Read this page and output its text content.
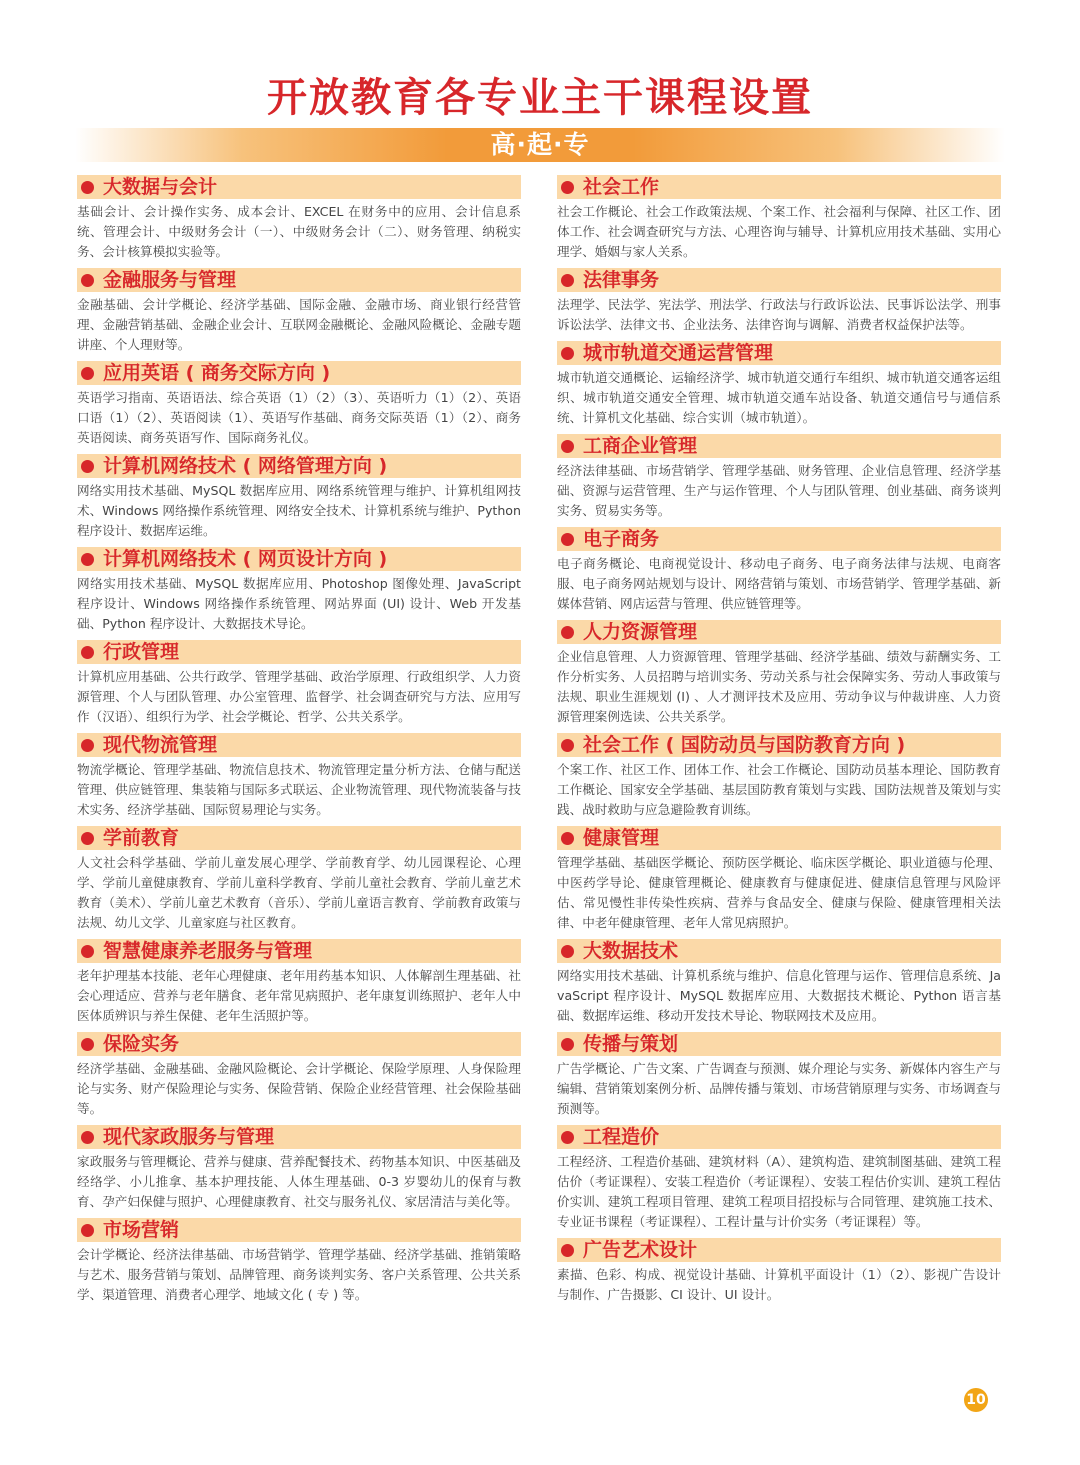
开放教育各专业主干课程设置
高·起·专
大数据与会计
基础会计、会计操作实务、成本会计、EXCEL 在财务中的应用、会计信息系统、管理会计、中级财务会计（一）、中级财务会计（二）、财务管理、纳税实务、会计核算模拟实验等。
金融服务与管理
金融基础、会计学概论、经济学基础、国际金融、金融市场、商业银行经营管理、金融营销基础、金融企业会计、互联网金融概论、金融风险概论、金融专题讲座、个人理财等。
应用英语 ( 商务交际方向 )
英语学习指南、英语语法、综合英语（1）（2）（3）、英语听力（1）（2）、英语口语（1）（2）、英语阅读（1）、英语写作基础、商务交际英语（1）（2）、商务英语阅读、商务英语写作、国际商务礼仪。
计算机网络技术 ( 网络管理方向 )
网络实用技术基础、MySQL 数据库应用、网络系统管理与维护、计算机组网技术、Windows 网络操作系统管理、网络安全技术、计算机系统与维护、Python 程序设计、数据库运维。
计算机网络技术 ( 网页设计方向 )
网络实用技术基础、MySQL 数据库应用、Photoshop 图像处理、JavaScript 程序设计、Windows 网络操作系统管理、网站界面 (UI) 设计、Web 开发基础、Python 程序设计、大数据技术导论。
行政管理
计算机应用基础、公共行政学、管理学基础、政治学原理、行政组织学、人力资源管理、个人与团队管理、办公室管理、监督学、社会调查研究与方法、应用写作（汉语）、组织行为学、社会学概论、哲学、公共关系学。
现代物流管理
物流学概论、管理学基础、物流信息技术、物流管理定量分析方法、仓储与配送管理、供应链管理、集装箱与国际多式联运、企业物流管理、现代物流装备与技术实务、经济学基础、国际贸易理论与实务。
学前教育
人文社会科学基础、学前儿童发展心理学、学前教育学、幼儿园课程论、心理学、学前儿童健康教育、学前儿童科学教育、学前儿童社会教育、学前儿童艺术教育（美术）、学前儿童艺术教育（音乐）、学前儿童语言教育、学前教育政策与法规、幼儿文学、儿童家庭与社区教育。
智慧健康养老服务与管理
老年护理基本技能、老年心理健康、老年用药基本知识、人体解剖生理基础、社会心理适应、营养与老年膳食、老年常见病照护、老年康复训练照护、老年人中医体质辨识与养生保健、老年生活照护等。
保险实务
经济学基础、金融基础、金融风险概论、会计学概论、保险学原理、人身保险理论与实务、财产保险理论与实务、保险营销、保险企业经营管理、社会保险基础等。
现代家政服务与管理
家政服务与管理概论、营养与健康、营养配餐技术、药物基本知识、中医基础及经络学、小儿推拿、基本护理技能、人体生理基础、0-3 岁婴幼儿的保育与教育、孕产妇保健与照护、心理健康教育、社交与服务礼仪、家居清洁与美化等。
市场营销
会计学概论、经济法律基础、市场营销学、管理学基础、经济学基础、推销策略与艺术、服务营销与策划、品牌管理、商务谈判实务、客户关系管理、公共关系学、渠道管理、消费者心理学、地域文化 ( 专 ) 等。
社会工作
社会工作概论、社会工作政策法规、个案工作、社会福利与保障、社区工作、团体工作、社会调查研究与方法、心理咨询与辅导、计算机应用技术基础、实用心理学、婚姻与家人关系。
法律事务
法理学、民法学、宪法学、刑法学、行政法与行政诉讼法、民事诉讼法学、刑事诉讼法学、法律文书、企业法务、法律咨询与调解、消费者权益保护法等。
城市轨道交通运营管理
城市轨道交通概论、运输经济学、城市轨道交通行车组织、城市轨道交通客运组织、城市轨道交通安全管理、城市轨道交通车站设备、轨道交通信号与通信系统、计算机文化基础、综合实训（城市轨道）。
工商企业管理
经济法律基础、市场营销学、管理学基础、财务管理、企业信息管理、经济学基础、资源与运营管理、生产与运作管理、个人与团队管理、创业基础、商务谈判实务、贸易实务等。
电子商务
电子商务概论、电商视觉设计、移动电子商务、电子商务法律与法规、电商客服、电子商务网站规划与设计、网络营销与策划、市场营销学、管理学基础、新媒体营销、网店运营与管理、供应链管理等。
人力资源管理
企业信息管理、人力资源管理、管理学基础、经济学基础、绩效与薪酬实务、工作分析实务、人员招聘与培训实务、劳动关系与社会保障实务、劳动人事政策与法规、职业生涯规划 (I) 、人才测评技术及应用、劳动争议与仲裁讲座、人力资源管理案例选读、公共关系学。
社会工作 ( 国防动员与国防教育方向 )
个案工作、社区工作、团体工作、社会工作概论、国防动员基本理论、国防教育工作概论、国家安全学基础、基层国防教育策划与实践、国防法规普及策划与实践、战时救助与应急避险教育训练。
健康管理
管理学基础、基础医学概论、预防医学概论、临床医学概论、职业道德与伦理、中医药学导论、健康管理概论、健康教育与健康促进、健康信息管理与风险评估、常见慢性非传染性疾病、营养与食品安全、健康与保险、健康管理相关法律、中老年健康管理、老年人常见病照护。
大数据技术
网络实用技术基础、计算机系统与维护、信息化管理与运作、管理信息系统、JavaScript 程序设计、MySQL 数据库应用、大数据技术概论、Python 语言基础、数据库运维、移动开发技术导论、物联网技术及应用。
传播与策划
广告学概论、广告文案、广告调查与预测、媒介理论与实务、新媒体内容生产与编辑、营销策划案例分析、品牌传播与策划、市场营销原理与实务、市场调查与预测等。
工程造价
工程经济、工程造价基础、建筑材料（A）、建筑构造、建筑制图基础、建筑工程估价（考证课程）、安装工程造价（考证课程）、安装工程估价实训、建筑工程估价实训、建筑工程项目管理、建筑工程项目招投标与合同管理、建筑施工技术、专业证书课程（考证课程）、工程计量与计价实务（考证课程）等。
广告艺术设计
素描、色彩、构成、视觉设计基础、计算机平面设计（1）（2）、影视广告设计与制作、广告摄影、CI 设计、UI 设计。
10
